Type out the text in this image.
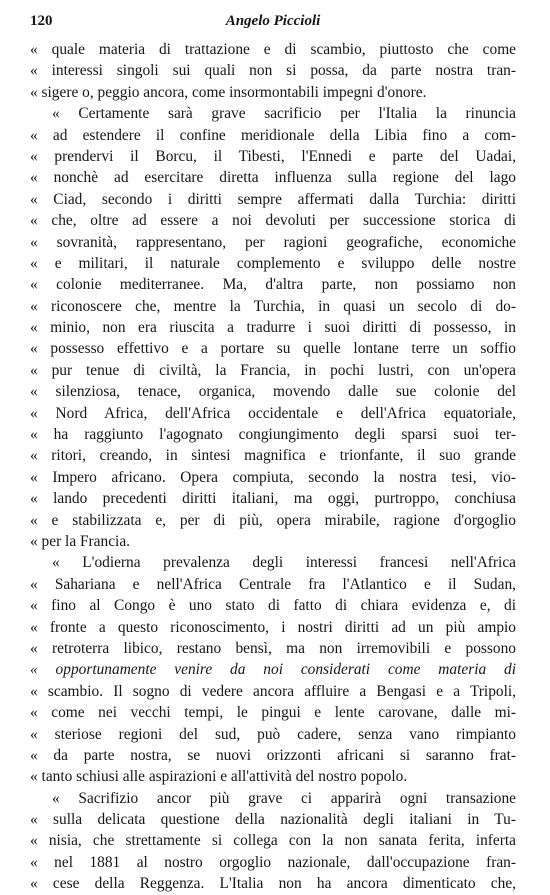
120	Angelo Piccioli
« quale materia di trattazione e di scambio, piuttosto che come
« interessi singoli sui quali non si possa, da parte nostra tran-
« sigere o, peggio ancora, come insormontabili impegni d'onore.
« Certamente sarà grave sacrificio per l'Italia la rinuncia
« ad estendere il confine meridionale della Libia fino a com-
« prendervi il Borcu, il Tibesti, l'Ennedi e parte del Uadai,
« nonchè ad esercitare diretta influenza sulla regione del lago
« Ciad, secondo i diritti sempre affermati dalla Turchia: diritti
« che, oltre ad essere a noi devoluti per successione storica di
« sovranità, rappresentano, per ragioni geografiche, economiche
« e militari, il naturale complemento e sviluppo delle nostre
« colonie mediterranee. Ma, d'altra parte, non possiamo non
« riconoscere che, mentre la Turchia, in quasi un secolo di do-
« minio, non era riuscita a tradurre i suoi diritti di possesso, in
« possesso effettivo e a portare su quelle lontane terre un soffio
« pur tenue di civiltà, la Francia, in pochi lustri, con un'opera
« silenziosa, tenace, organica, movendo dalle sue colonie del
« Nord Africa, dell'Africa occidentale e dell'Africa equatoriale,
« ha raggiunto l'agognato congiungimento degli sparsi suoi ter-
« ritori, creando, in sintesi magnifica e trionfante, il suo grande
« Impero africano. Opera compiuta, secondo la nostra tesi, vio-
« lando precedenti diritti italiani, ma oggi, purtroppo, conchiusa
« e stabilizzata e, per di più, opera mirabile, ragione d'orgoglio
« per la Francia.
« L'odierna prevalenza degli interessi francesi nell'Africa
« Sahariana e nell'Africa Centrale fra l'Atlantico e il Sudan,
« fino al Congo è uno stato di fatto di chiara evidenza e, di
« fronte a questo riconoscimento, i nostri diritti ad un più ampio
« retroterra libico, restano bensì, ma non irremovibili e possono
« opportunamente venire da noi considerati come materia di
« scambio. Il sogno di vedere ancora affluire a Bengasi e a Tripoli,
« come nei vecchi tempi, le pingui e lente carovane, dalle mi-
« steriose regioni del sud, può cadere, senza vano rimpianto
« da parte nostra, se nuovi orizzonti africani si saranno frat-
« tanto schiusi alle aspirazioni e all'attività del nostro popolo.
« Sacrifizio ancor più grave ci apparirà ogni transazione
« sulla delicata questione della nazionalità degli italiani in Tu-
« nisia, che strettamente si collega con la non sanata ferita, inferta
« nel 1881 al nostro orgoglio nazionale, dall'occupazione fran-
« cese della Reggenza. L'Italia non ha ancora dimenticato che,
